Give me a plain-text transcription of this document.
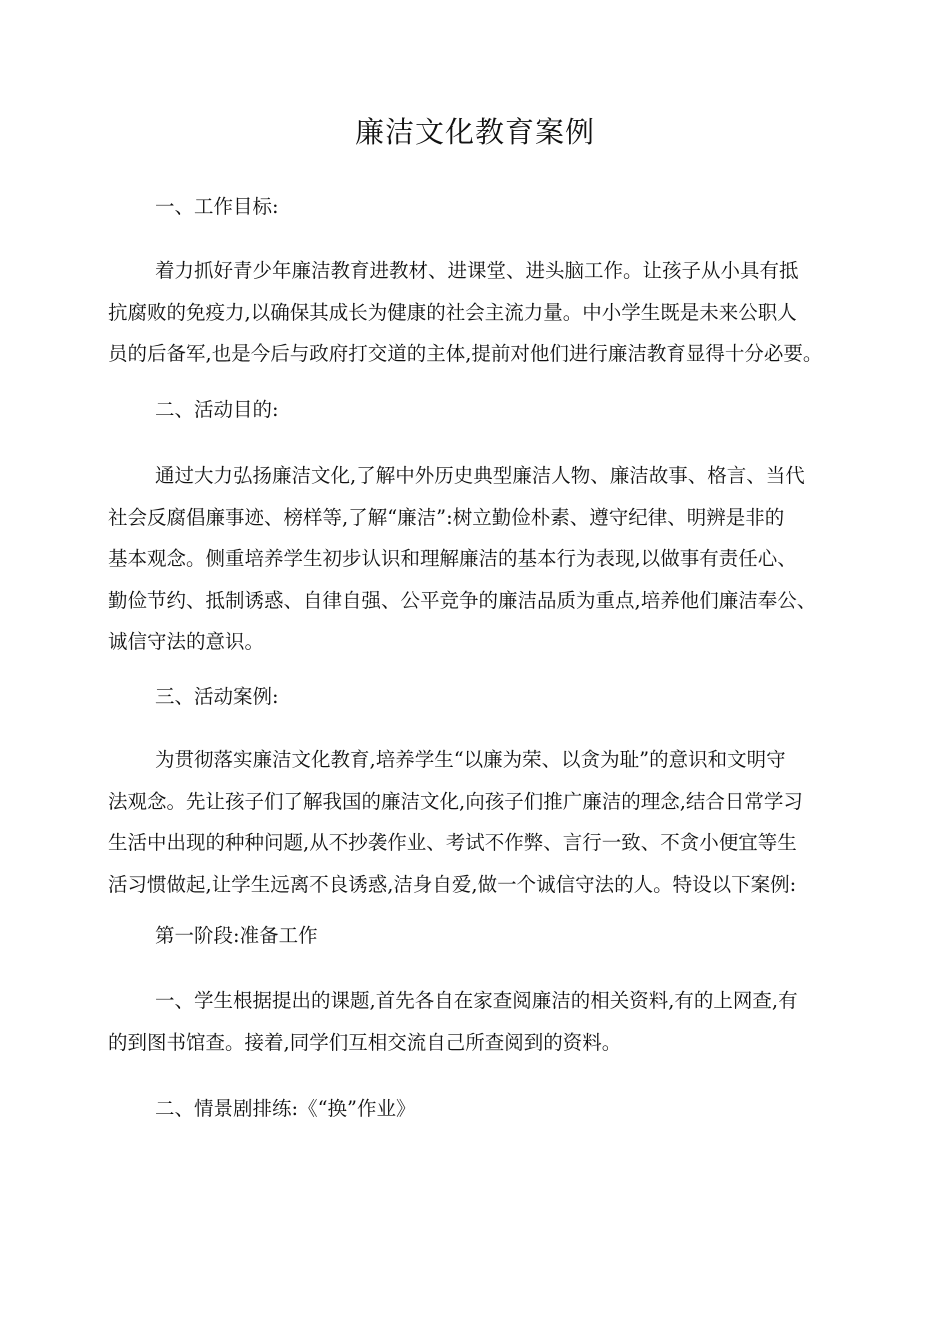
廉洁文化教育案例

一、工作目标:

着力抓好青少年廉洁教育进教材、进课堂、进头脑工作。让孩子从小具有抵
抗腐败的免疫力,以确保其成长为健康的社会主流力量。中小学生既是未来公职人
员的后备军,也是今后与政府打交道的主体,提前对他们进行廉洁教育显得十分必要。

二、活动目的:

通过大力弘扬廉洁文化,了解中外历史典型廉洁人物、廉洁故事、格言、当代
社会反腐倡廉事迹、榜样等,了解“廉洁”:树立勤俭朴素、遵守纪律、明辨是非的
基本观念。侧重培养学生初步认识和理解廉洁的基本行为表现,以做事有责任心、
勤俭节约、抵制诱惑、自律自强、公平竞争的廉洁品质为重点,培养他们廉洁奉公、
诚信守法的意识。

三、活动案例:

为贯彻落实廉洁文化教育,培养学生“以廉为荣、以贪为耻”的意识和文明守
法观念。先让孩子们了解我国的廉洁文化,向孩子们推广廉洁的理念,结合日常学习
生活中出现的种种问题,从不抄袭作业、考试不作弊、言行一致、不贪小便宜等生
活习惯做起,让学生远离不良诱惑,洁身自爱,做一个诚信守法的人。特设以下案例:

第一阶段:准备工作

一、学生根据提出的课题,首先各自在家查阅廉洁的相关资料,有的上网查,有
的到图书馆查。接着,同学们互相交流自己所查阅到的资料。

二、情景剧排练:《“换”作业》
